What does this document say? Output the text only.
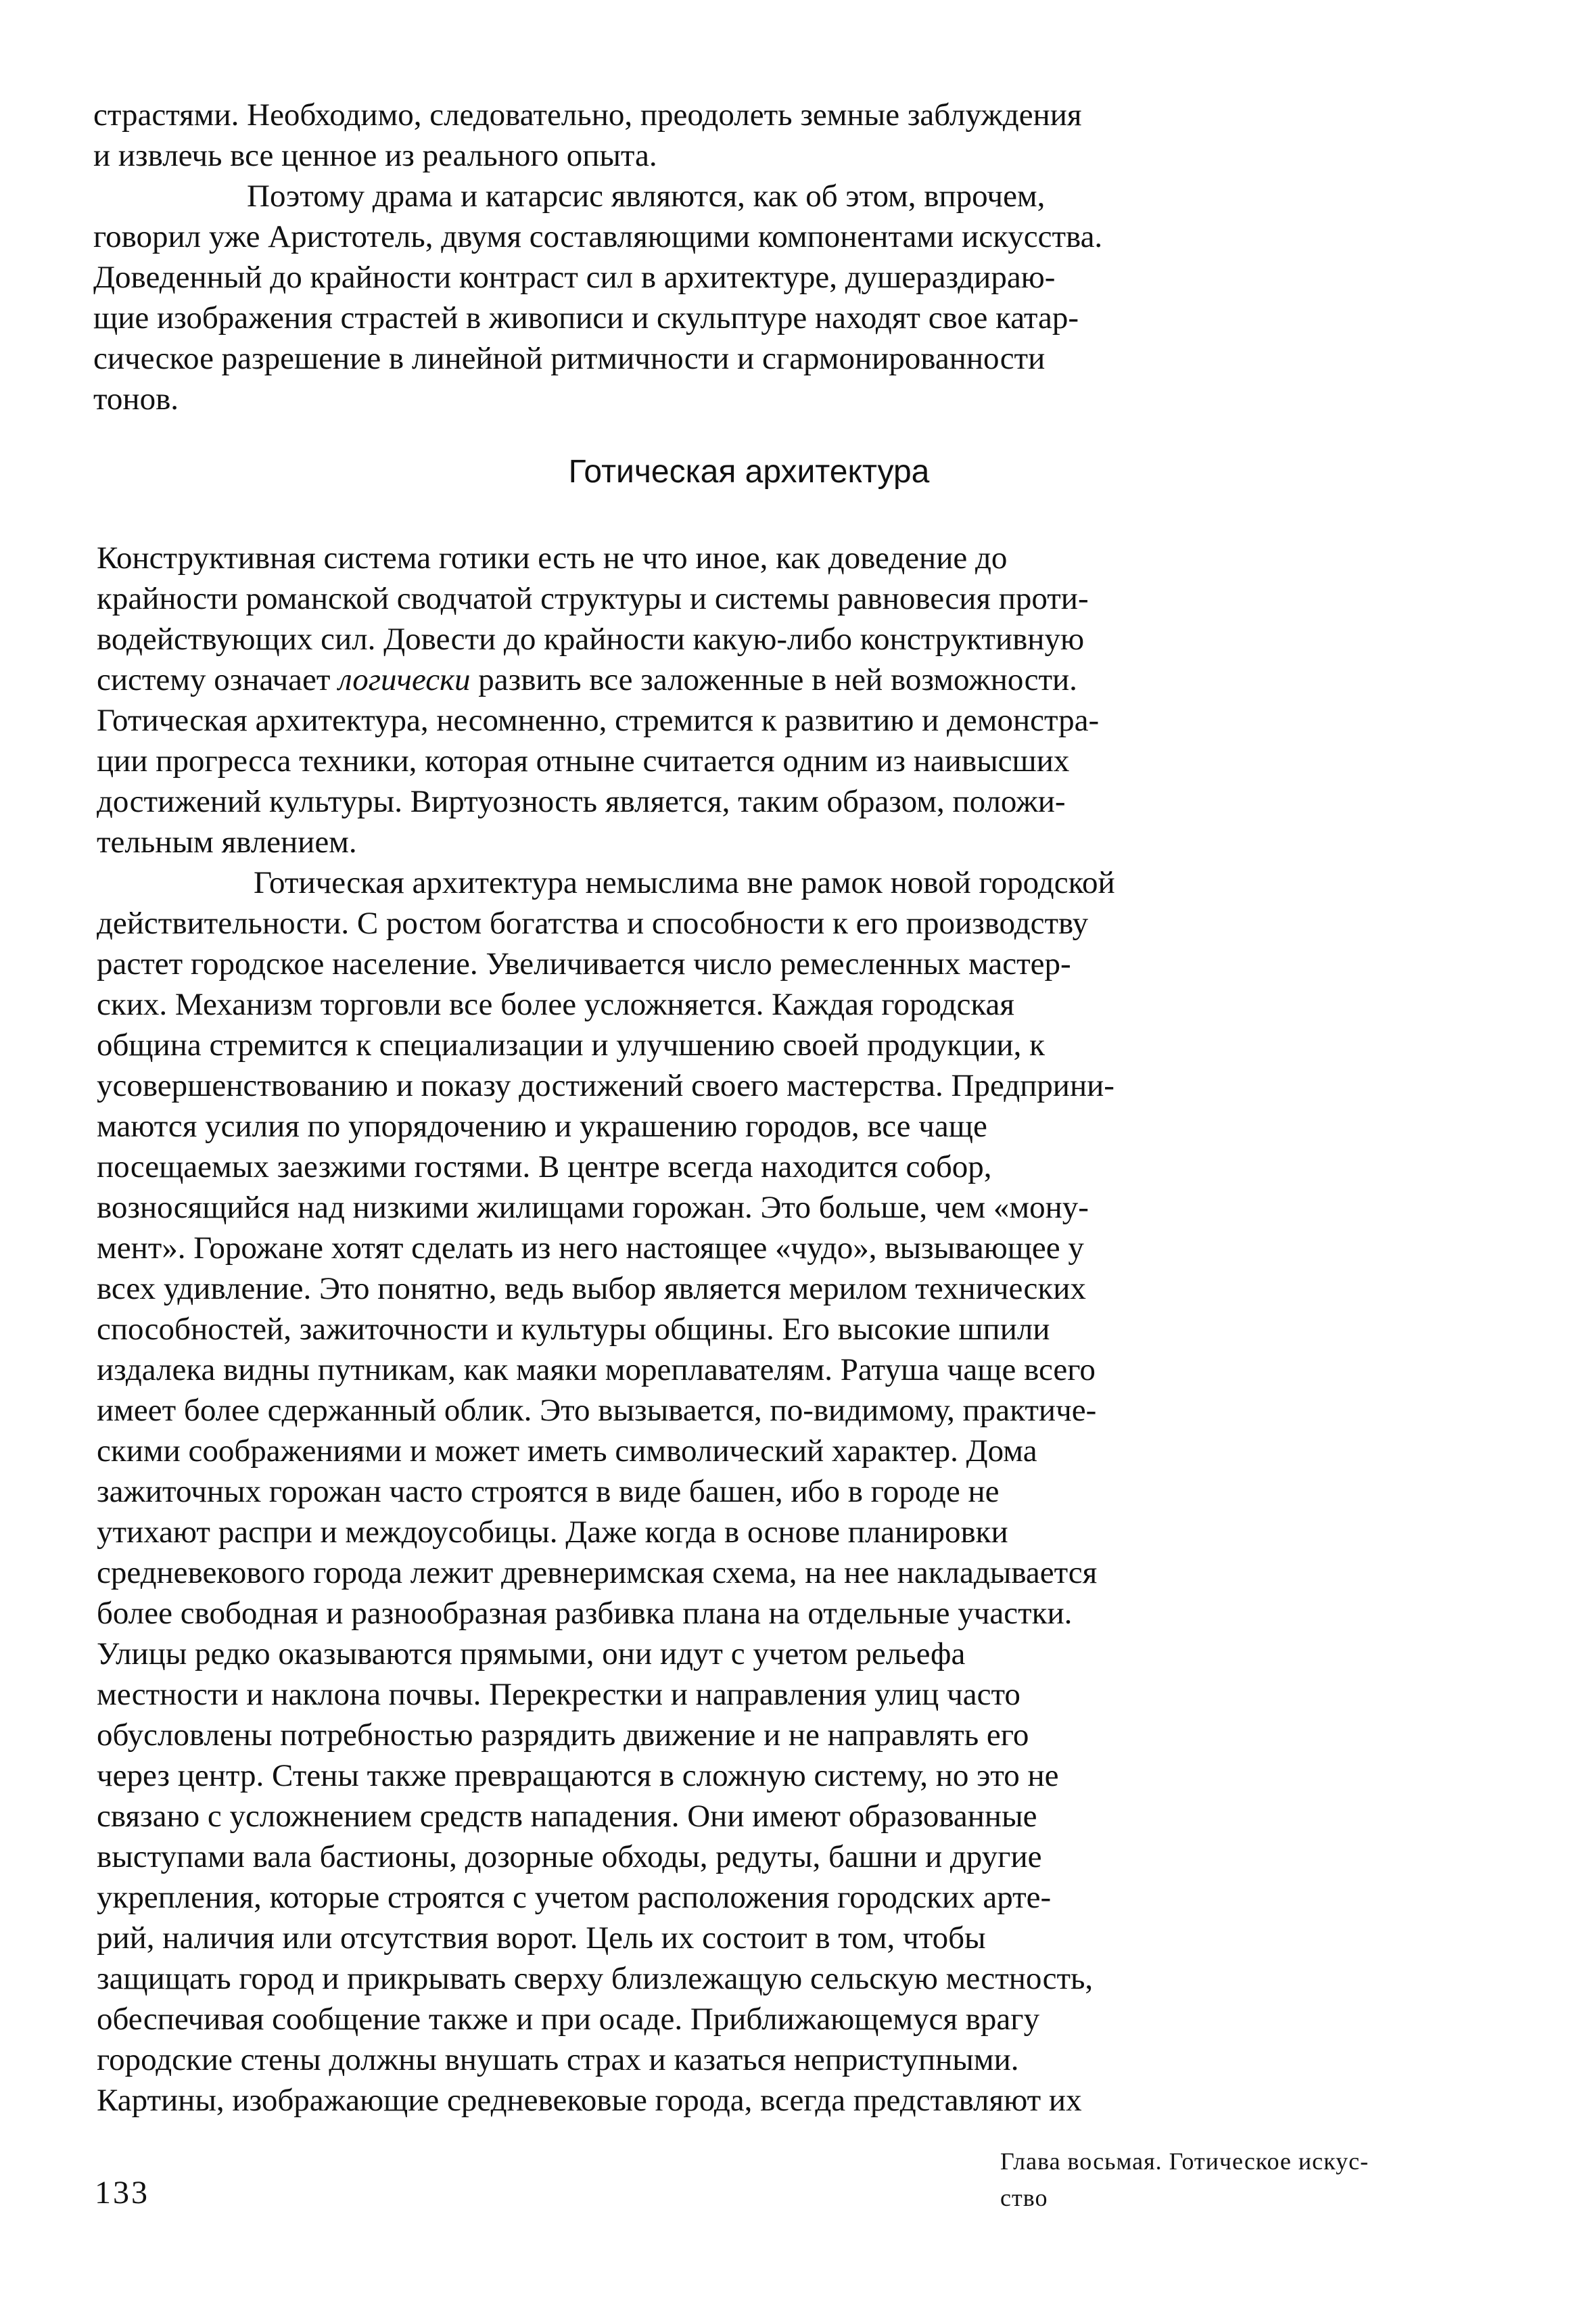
страстями. Необходимо, следовательно, преодолеть земные заблуждения
и извлечь все ценное из реального опыта.
Поэтому драма и катарсис являются, как об этом, впрочем,
говорил уже Аристотель, двумя составляющими компонентами искусства.
Доведенный до крайности контраст сил в архитектуре, душераздираю-
щие изображения страстей в живописи и скульптуре находят свое катар-
сическое разрешение в линейной ритмичности и сгармонированности
тонов.
Готическая архитектура
Конструктивная система готики есть не что иное, как доведение до
крайности романской сводчатой структуры и системы равновесия проти-
водействующих сил. Довести до крайности какую-либо конструктивную
систему означает логически развить все заложенные в ней возможности.
Готическая архитектура, несомненно, стремится к развитию и демонстра-
ции прогресса техники, которая отныне считается одним из наивысших
достижений культуры. Виртуозность является, таким образом, положи-
тельным явлением.
Готическая архитектура немыслима вне рамок новой городской
действительности. С ростом богатства и способности к его производству
растет городское население. Увеличивается число ремесленных мастер-
ских. Механизм торговли все более усложняется. Каждая городская
община стремится к специализации и улучшению своей продукции, к
усовершенствованию и показу достижений своего мастерства. Предприни-
маются усилия по упорядочению и украшению городов, все чаще
посещаемых заезжими гостями. В центре всегда находится собор,
возносящийся над низкими жилищами горожан. Это больше, чем «мону-
мент». Горожане хотят сделать из него настоящее «чудо», вызывающее у
всех удивление. Это понятно, ведь выбор является мерилом технических
способностей, зажиточности и культуры общины. Его высокие шпили
издалека видны путникам, как маяки мореплавателям. Ратуша чаще всего
имеет более сдержанный облик. Это вызывается, по-видимому, практиче-
скими соображениями и может иметь символический характер. Дома
зажиточных горожан часто строятся в виде башен, ибо в городе не
утихают распри и междоусобицы. Даже когда в основе планировки
средневекового города лежит древнеримская схема, на нее накладывается
более свободная и разнообразная разбивка плана на отдельные участки.
Улицы редко оказываются прямыми, они идут с учетом рельефа
местности и наклона почвы. Перекрестки и направления улиц часто
обусловлены потребностью разрядить движение и не направлять его
через центр. Стены также превращаются в сложную систему, но это не
связано с усложнением средств нападения. Они имеют образованные
выступами вала бастионы, дозорные обходы, редуты, башни и другие
укрепления, которые строятся с учетом расположения городских арте-
рий, наличия или отсутствия ворот. Цель их состоит в том, чтобы
защищать город и прикрывать сверху близлежащую сельскую местность,
обеспечивая сообщение также и при осаде. Приближающемуся врагу
городские стены должны внушать страх и казаться неприступными.
Картины, изображающие средневековые города, всегда представляют их
133
Глава восьмая. Готическое искус-
ство
